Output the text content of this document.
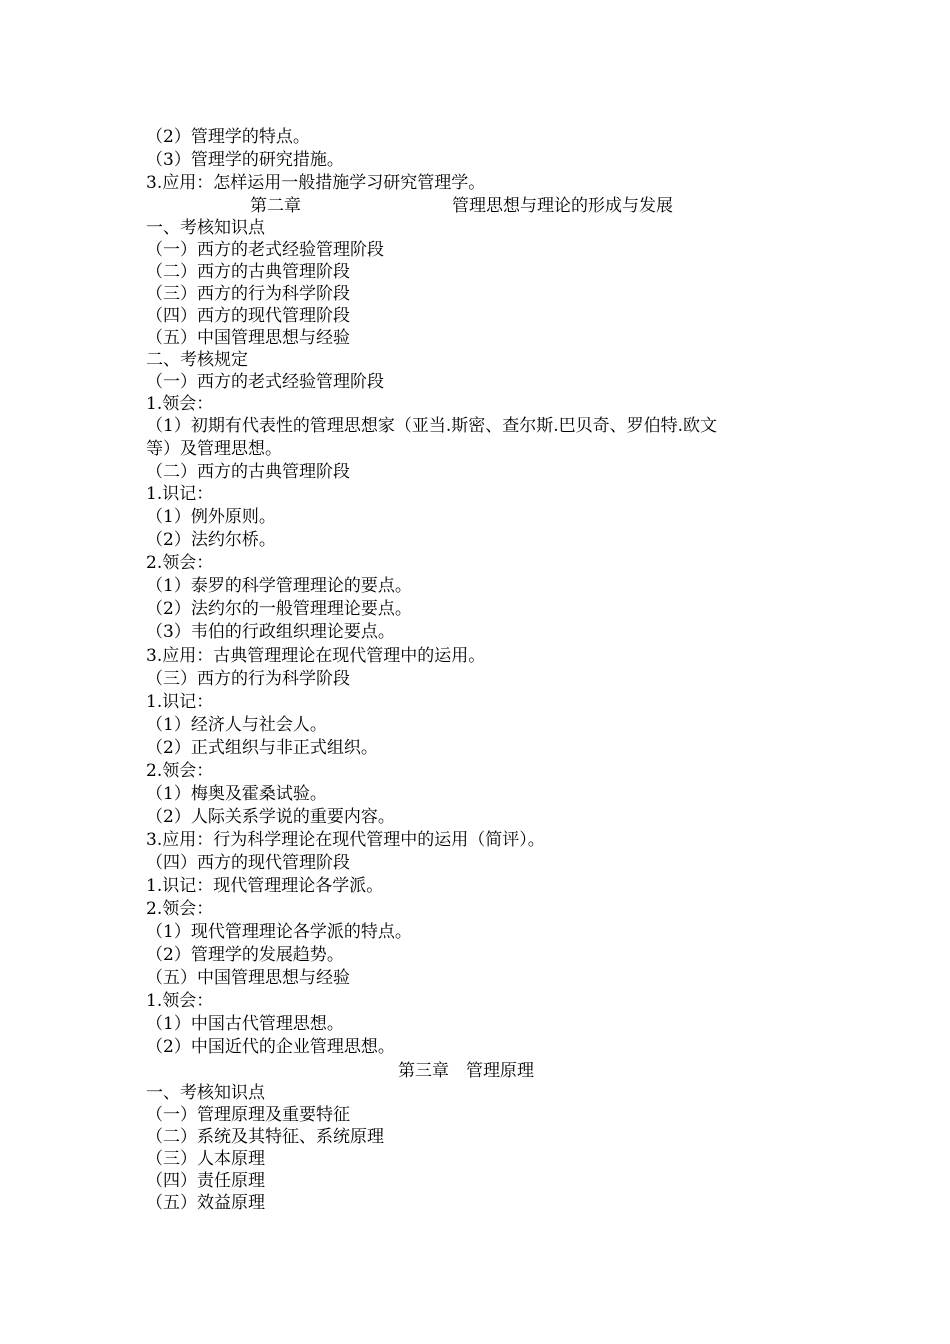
（2）管理学的特点。
（3）管理学的研究措施。
3.应用：怎样运用一般措施学习研究管理学。
第二章	管理思想与理论的形成与发展
一、考核知识点
（一）西方的老式经验管理阶段
（二）西方的古典管理阶段
（三）西方的行为科学阶段
（四）西方的现代管理阶段
（五）中国管理思想与经验
二、考核规定
（一）西方的老式经验管理阶段
1.领会：
（1）初期有代表性的管理思想家（亚当.斯密、查尔斯.巴贝奇、罗伯特.欧文
等）及管理思想。
（二）西方的古典管理阶段
1.识记：
（1）例外原则。
（2）法约尔桥。
2.领会：
（1）泰罗的科学管理理论的要点。
（2）法约尔的一般管理理论要点。
（3）韦伯的行政组织理论要点。
3.应用：古典管理理论在现代管理中的运用。
（三）西方的行为科学阶段
1.识记：
（1）经济人与社会人。
（2）正式组织与非正式组织。
2.领会：
（1）梅奥及霍桑试验。
（2）人际关系学说的重要内容。
3.应用：行为科学理论在现代管理中的运用（简评）。
（四）西方的现代管理阶段
1.识记：现代管理理论各学派。
2.领会：
（1）现代管理理论各学派的特点。
（2）管理学的发展趋势。
（五）中国管理思想与经验
1.领会：
（1）中国古代管理思想。
（2）中国近代的企业管理思想。
第三章　管理原理
一、考核知识点
（一）管理原理及重要特征
（二）系统及其特征、系统原理
（三）人本原理
（四）责任原理
（五）效益原理
